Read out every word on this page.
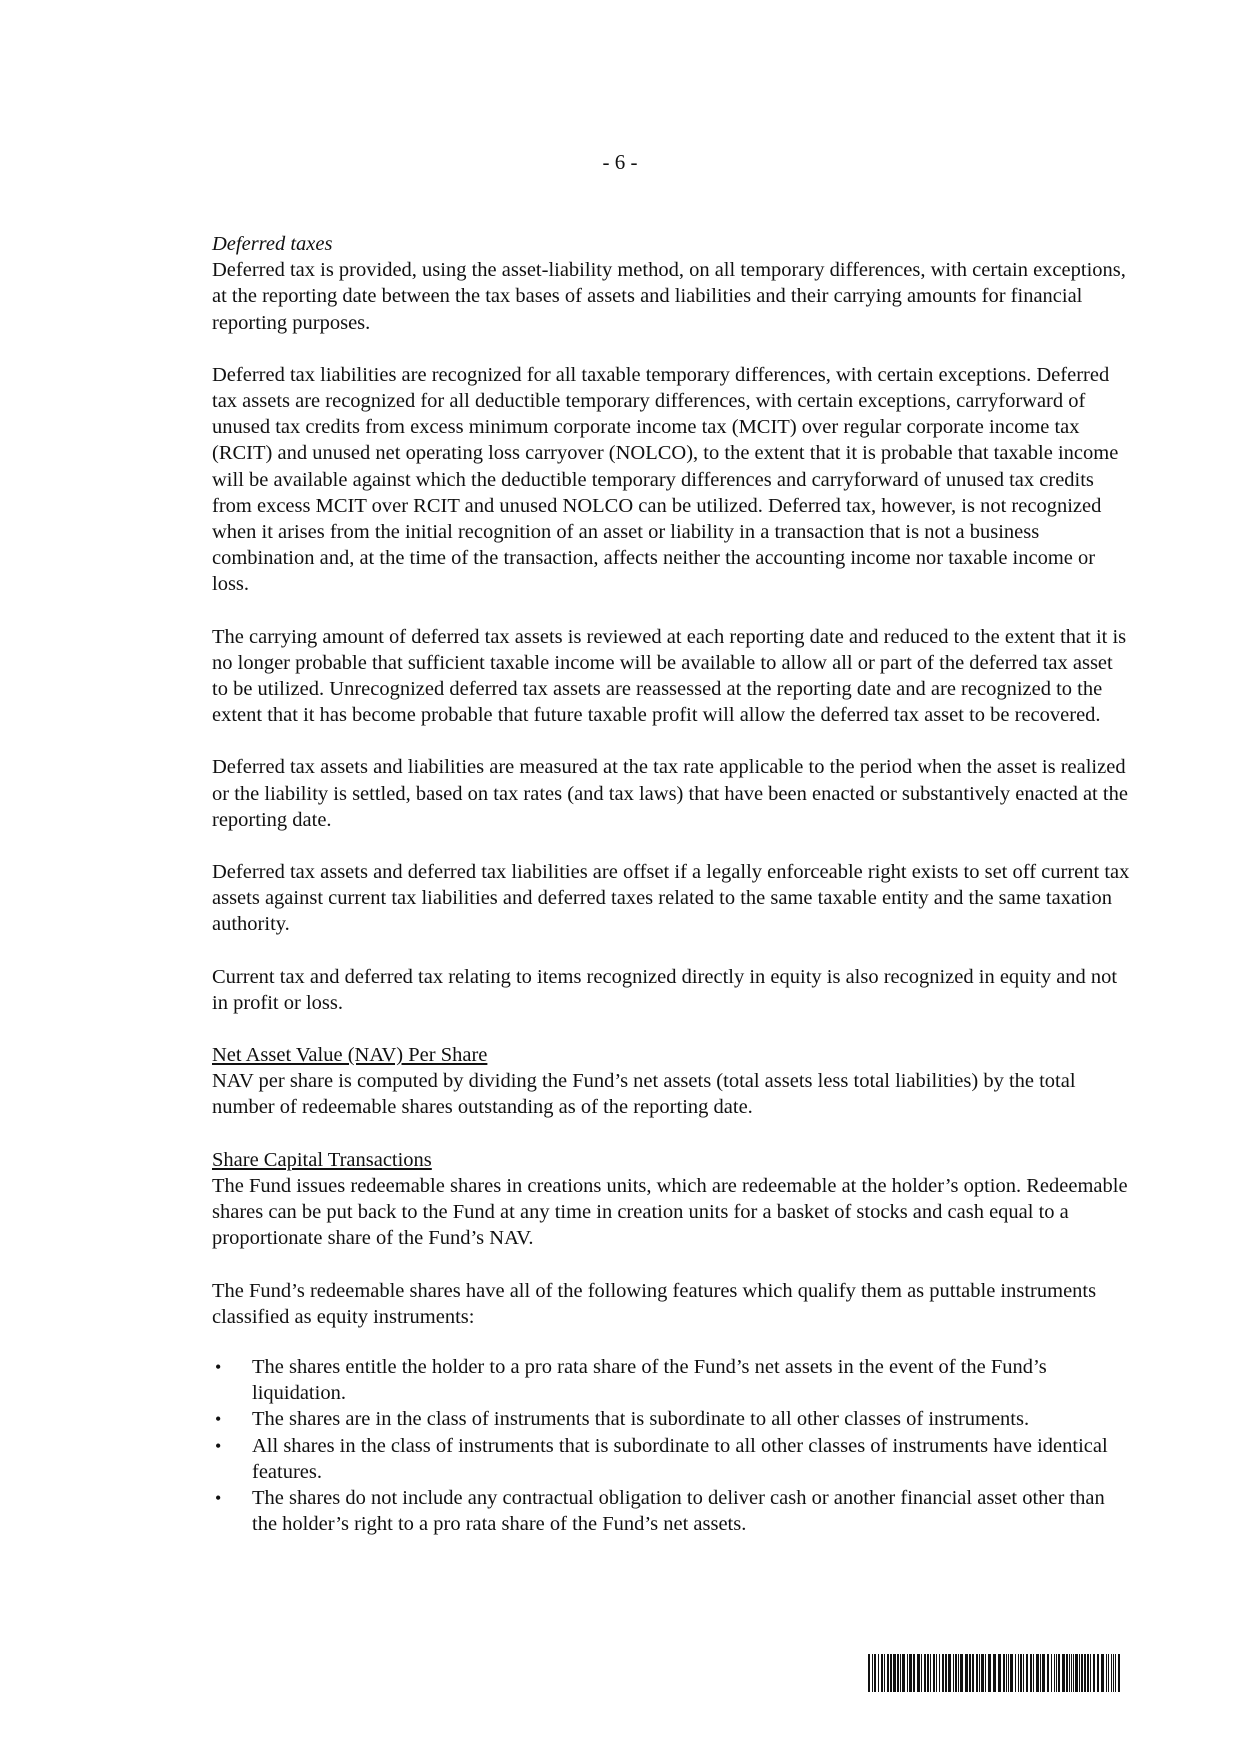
- 6 -

Deferred taxes

Deferred tax is provided, using the asset-liability method, on all temporary differences, with certain exceptions, at the reporting date between the tax bases of assets and liabilities and their carrying amounts for financial reporting purposes.

Deferred tax liabilities are recognized for all taxable temporary differences, with certain exceptions. Deferred tax assets are recognized for all deductible temporary differences, with certain exceptions, carryforward of unused tax credits from excess minimum corporate income tax (MCIT) over regular corporate income tax (RCIT) and unused net operating loss carryover (NOLCO), to the extent that it is probable that taxable income will be available against which the deductible temporary differences and carryforward of unused tax credits from excess MCIT over RCIT and unused NOLCO can be utilized. Deferred tax, however, is not recognized when it arises from the initial recognition of an asset or liability in a transaction that is not a business combination and, at the time of the transaction, affects neither the accounting income nor taxable income or loss.

The carrying amount of deferred tax assets is reviewed at each reporting date and reduced to the extent that it is no longer probable that sufficient taxable income will be available to allow all or part of the deferred tax asset to be utilized. Unrecognized deferred tax assets are reassessed at the reporting date and are recognized to the extent that it has become probable that future taxable profit will allow the deferred tax asset to be recovered.

Deferred tax assets and liabilities are measured at the tax rate applicable to the period when the asset is realized or the liability is settled, based on tax rates (and tax laws) that have been enacted or substantively enacted at the reporting date.

Deferred tax assets and deferred tax liabilities are offset if a legally enforceable right exists to set off current tax assets against current tax liabilities and deferred taxes related to the same taxable entity and the same taxation authority.

Current tax and deferred tax relating to items recognized directly in equity is also recognized in equity and not in profit or loss.

Net Asset Value (NAV) Per Share

NAV per share is computed by dividing the Fund’s net assets (total assets less total liabilities) by the total number of redeemable shares outstanding as of the reporting date.

Share Capital Transactions

The Fund issues redeemable shares in creations units, which are redeemable at the holder’s option. Redeemable shares can be put back to the Fund at any time in creation units for a basket of stocks and cash equal to a proportionate share of the Fund’s NAV.

The Fund’s redeemable shares have all of the following features which qualify them as puttable instruments classified as equity instruments:

• The shares entitle the holder to a pro rata share of the Fund’s net assets in the event of the Fund’s liquidation.
• The shares are in the class of instruments that is subordinate to all other classes of instruments.
• All shares in the class of instruments that is subordinate to all other classes of instruments have identical features.
• The shares do not include any contractual obligation to deliver cash or another financial asset other than the holder’s right to a pro rata share of the Fund’s net assets.
